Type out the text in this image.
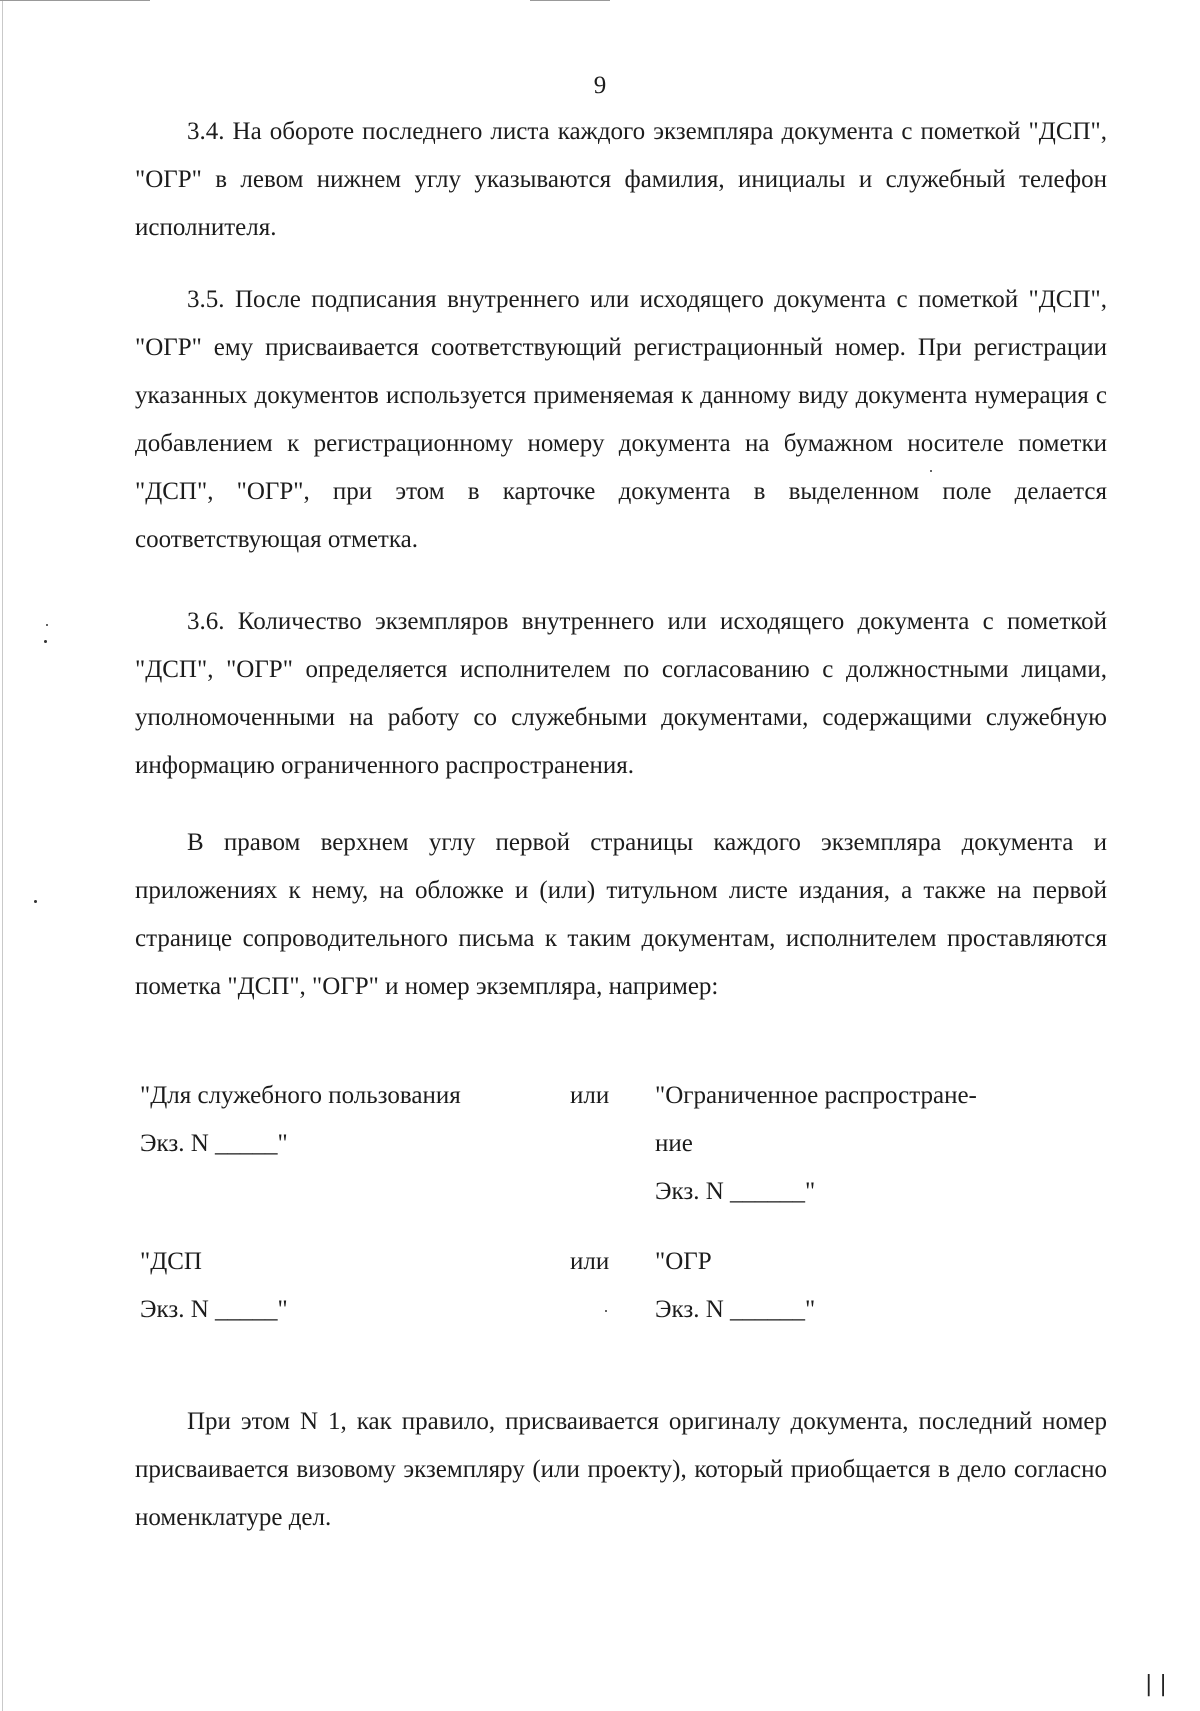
9

3.4. На обороте последнего листа каждого экземпляра документа с пометкой "ДСП", "ОГР" в левом нижнем углу указываются фамилия, инициалы и служебный телефон исполнителя.

3.5. После подписания внутреннего или исходящего документа с пометкой "ДСП", "ОГР" ему присваивается соответствующий регистрационный номер. При регистрации указанных документов используется применяемая к данному виду документа нумерация с добавлением к регистрационному номеру документа на бумажном носителе пометки "ДСП", "ОГР", при этом в карточке документа в выделенном поле делается соответствующая отметка.

3.6. Количество экземпляров внутреннего или исходящего документа с пометкой "ДСП", "ОГР" определяется исполнителем по согласованию с должностными лицами, уполномоченными на работу со служебными документами, содержащими служебную информацию ограниченного распространения.

В правом верхнем углу первой страницы каждого экземпляра документа и приложениях к нему, на обложке и (или) титульном листе издания, а также на первой странице сопроводительного письма к таким документам, исполнителем проставляются пометка "ДСП", "ОГР" и номер экземпляра, например:

"Для служебного пользования
Экз. N _____"
или "Ограниченное распростране-
ние
Экз. N ______"
"ДСП
Экз. N _____"
или "ОГР
Экз. N ______"

При этом N 1, как правило, присваивается оригиналу документа, последний номер присваивается визовому экземпляру (или проекту), который приобщается в дело согласно номенклатуре дел.

| |
